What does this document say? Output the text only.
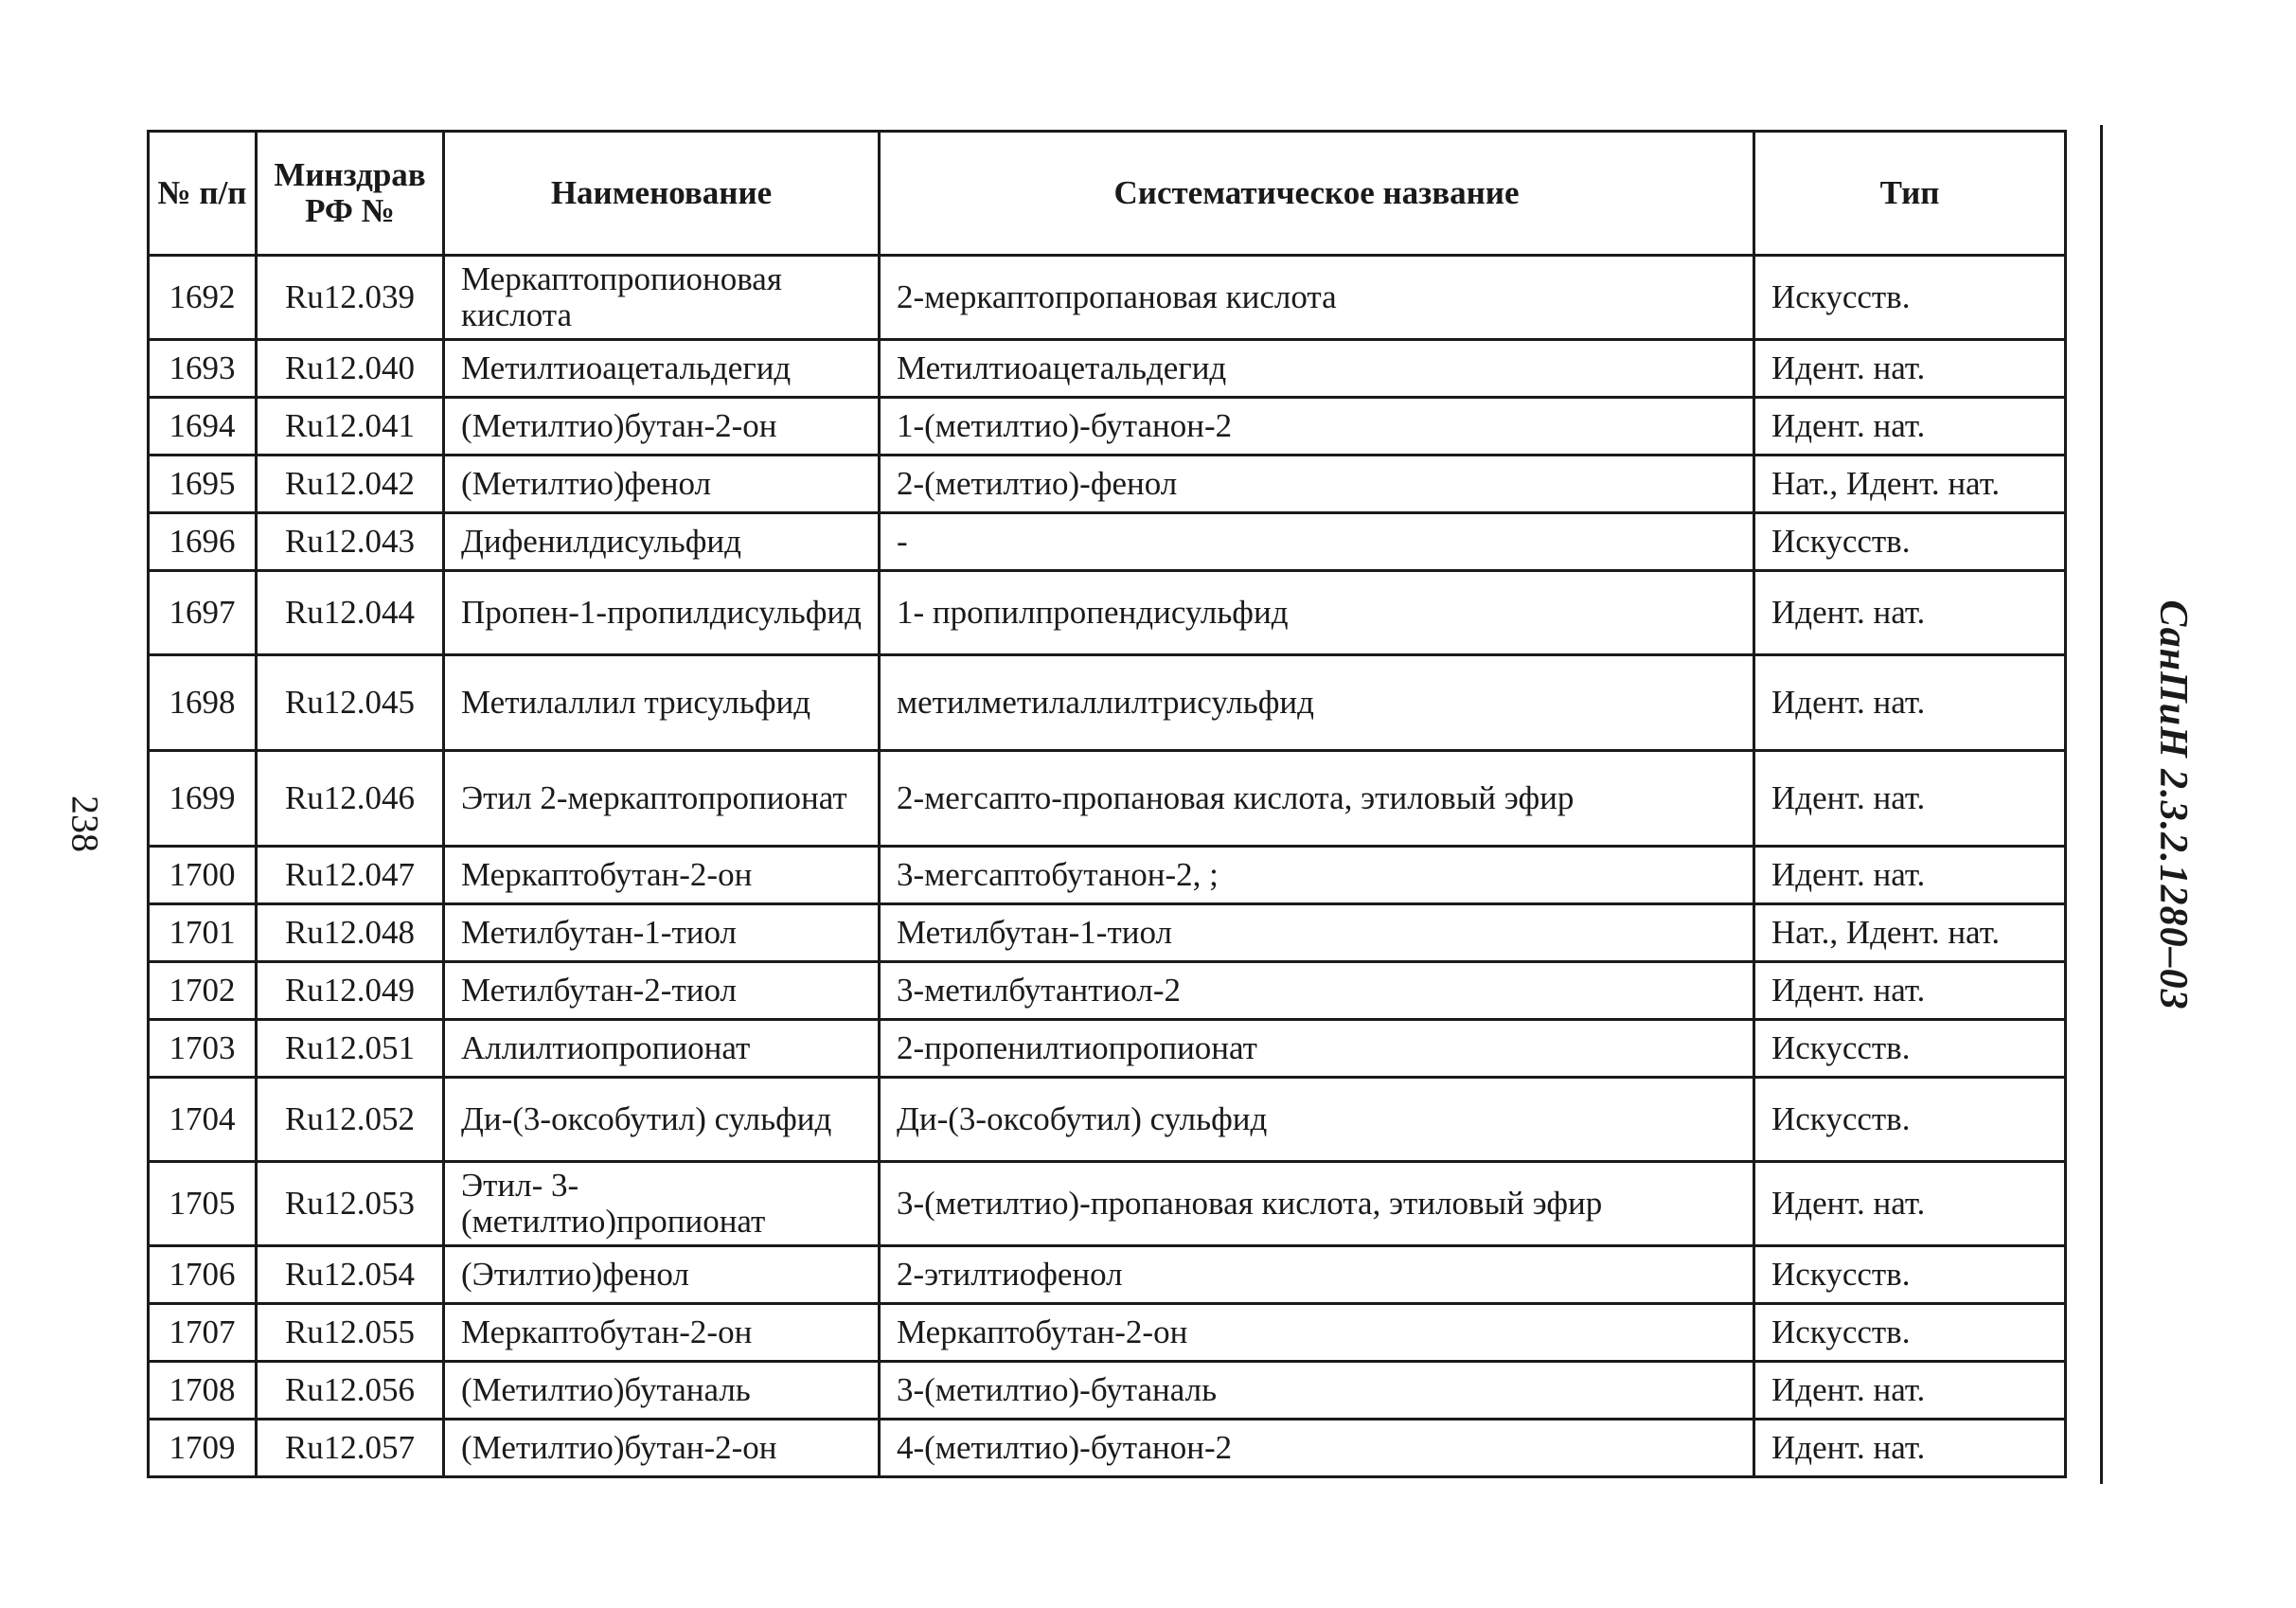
238
№ п/п	Минздрав РФ №	Наименование	Систематическое название	Тип
1692	Ru12.039	Меркаптопропионовая кислота	2-меркаптопропановая кислота	Искусств.
1693	Ru12.040	Метилтиоацетальдегид	Метилтиоацетальдегид	Идент. нат.
1694	Ru12.041	(Метилтио)бутан-2-он	1-(метилтио)-бутанон-2	Идент. нат.
1695	Ru12.042	(Метилтио)фенол	2-(метилтио)-фенол	Нат., Идент. нат.
1696	Ru12.043	Дифенилдисульфид	-	Искусств.
1697	Ru12.044	Пропен-1-пропилдисульфид	1- пропилпропендисульфид	Идент. нат.
1698	Ru12.045	Метилаллил трисульфид	метилметилаллилтрисульфид	Идент. нат.
1699	Ru12.046	Этил 2-меркаптопропионат	2-мегсапто-пропановая кислота, этиловый эфир	Идент. нат.
1700	Ru12.047	Меркаптобутан-2-он	3-мегсаптобутанон-2, ;	Идент. нат.
1701	Ru12.048	Метилбутан-1-тиол	Метилбутан-1-тиол	Нат., Идент. нат.
1702	Ru12.049	Метилбутан-2-тиол	3-метилбутантиол-2	Идент. нат.
1703	Ru12.051	Аллилтиопропионат	2-пропенилтиопропионат	Искусств.
1704	Ru12.052	Ди-(3-оксобутил) сульфид	Ди-(3-оксобутил) сульфид	Искусств.
1705	Ru12.053	Этил- 3-(метилтио)пропионат	3-(метилтио)-пропановая кислота, этиловый эфир	Идент. нат.
1706	Ru12.054	(Этилтио)фенол	2-этилтиофенол	Искусств.
1707	Ru12.055	Меркаптобутан-2-он	Меркаптобутан-2-он	Искусств.
1708	Ru12.056	(Метилтио)бутаналь	3-(метилтио)-бутаналь	Идент. нат.
1709	Ru12.057	(Метилтио)бутан-2-он	4-(метилтио)-бутанон-2	Идент. нат.
СанПиН 2.3.2.1280–03
